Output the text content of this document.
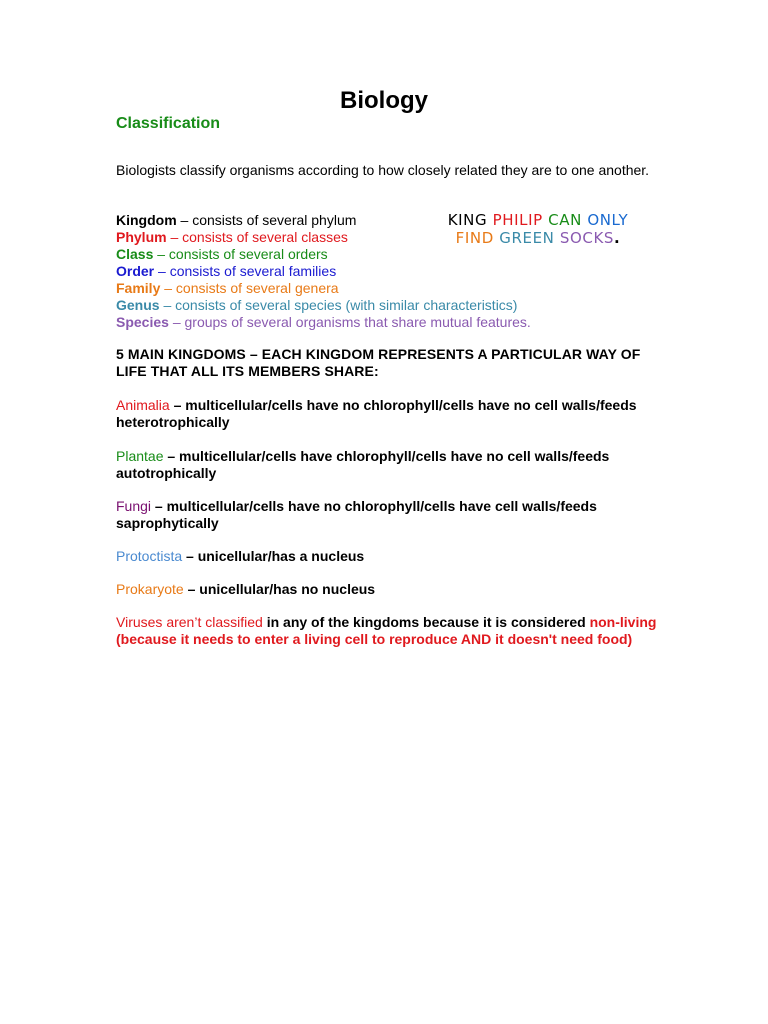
Biology
Classification
Biologists classify organisms according to how closely related they are to one another.
Kingdom – consists of several phylum
Phylum – consists of several classes
Class – consists of several orders
Order – consists of several families
Family – consists of several genera
Genus – consists of several species (with similar characteristics)
Species – groups of several organisms that share mutual features.
KING PHILIP CAN ONLY
FIND GREEN SOCKS.
5 MAIN KINGDOMS – EACH KINGDOM REPRESENTS A PARTICULAR WAY OF LIFE THAT ALL ITS MEMBERS SHARE:
Animalia – multicellular/cells have no chlorophyll/cells have no cell walls/feeds heterotrophically
Plantae – multicellular/cells have chlorophyll/cells have no cell walls/feeds autotrophically
Fungi – multicellular/cells have no chlorophyll/cells have cell walls/feeds saprophytically
Protoctista – unicellular/has a nucleus
Prokaryote – unicellular/has no nucleus
Viruses aren’t classified in any of the kingdoms because it is considered non-living (because it needs to enter a living cell to reproduce AND it doesn't need food)
